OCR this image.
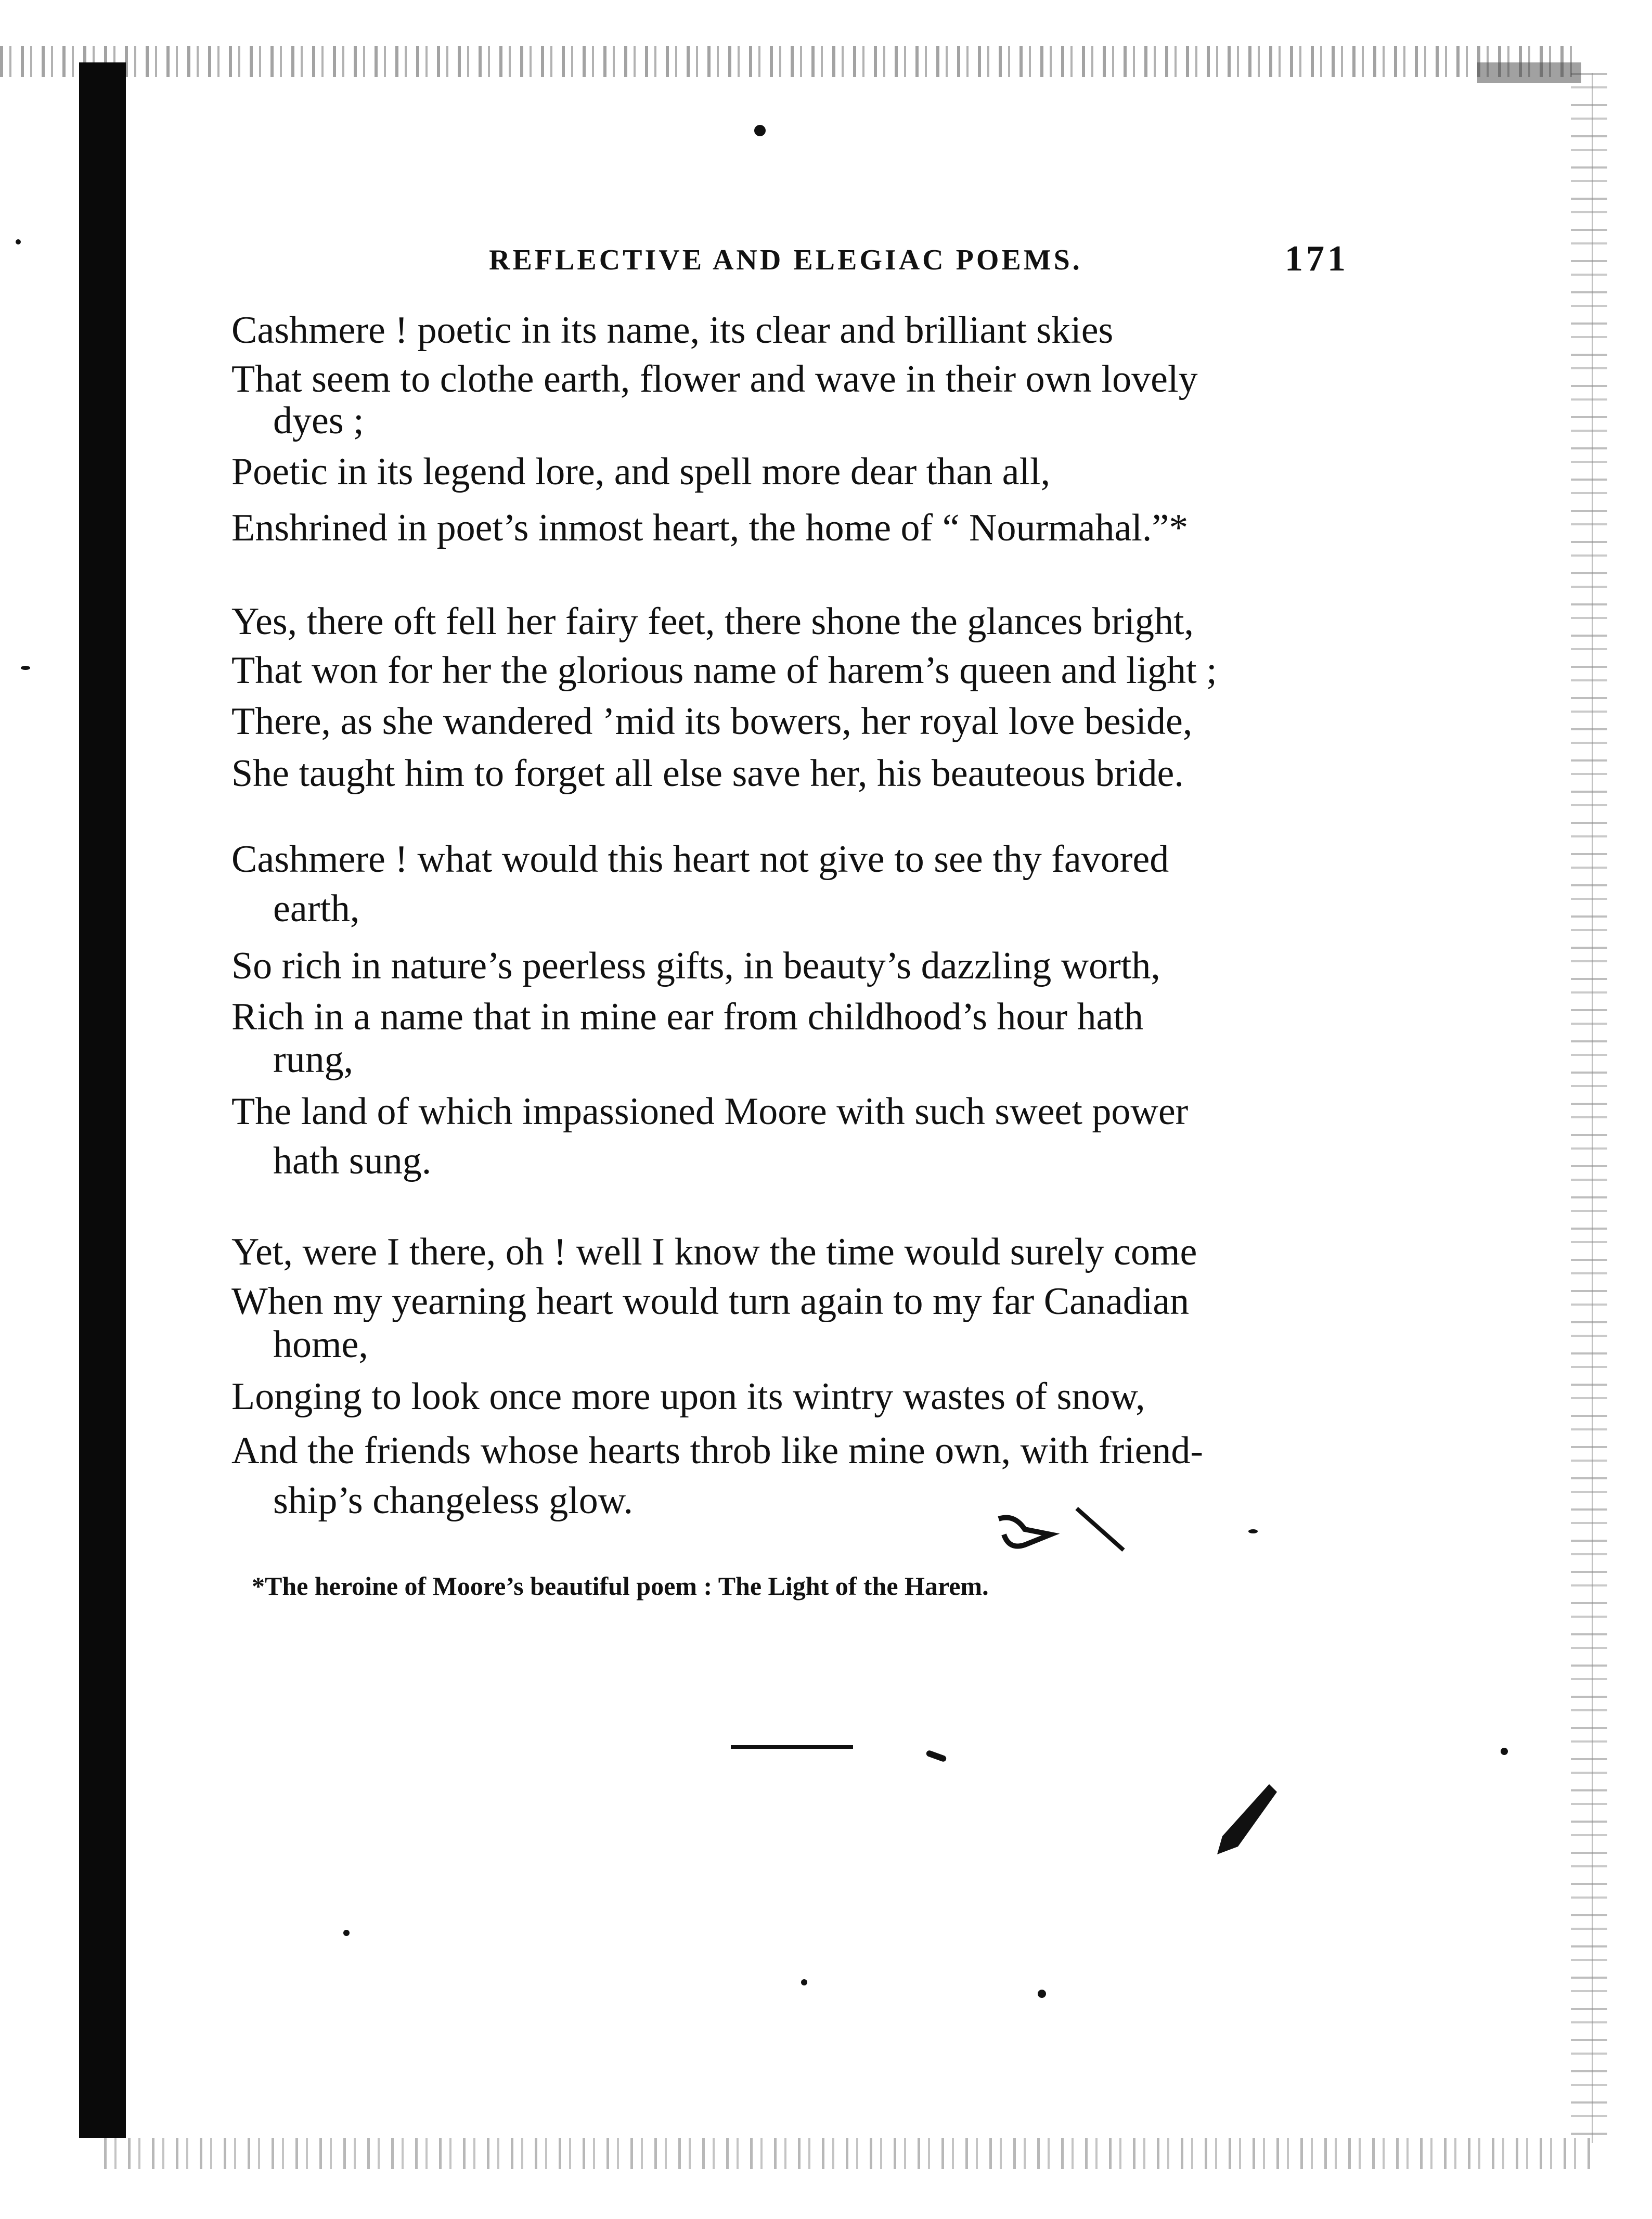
REFLECTIVE AND ELEGIAC POEMS.	171
Cashmere ! poetic in its name, its clear and brilliant skies
That seem to clothe earth, flower and wave in their own lovely
dyes ;
Poetic in its legend lore, and spell more dear than all,
Enshrined in poet’s inmost heart, the home of “ Nourmahal.”*
Yes, there oft fell her fairy feet, there shone the glances bright,
That won for her the glorious name of harem’s queen and light ;
There, as she wandered ’mid its bowers, her royal love beside,
She taught him to forget all else save her, his beauteous bride.
Cashmere ! what would this heart not give to see thy favored
earth,
So rich in nature’s peerless gifts, in beauty’s dazzling worth,
Rich in a name that in mine ear from childhood’s hour hath
rung,
The land of which impassioned Moore with such sweet power
hath sung.
Yet, were I there, oh ! well I know the time would surely come
When my yearning heart would turn again to my far Canadian
home,
Longing to look once more upon its wintry wastes of snow,
And the friends whose hearts throb like mine own, with friend-
ship’s changeless glow.
*The heroine of Moore’s beautiful poem : The Light of the Harem.
